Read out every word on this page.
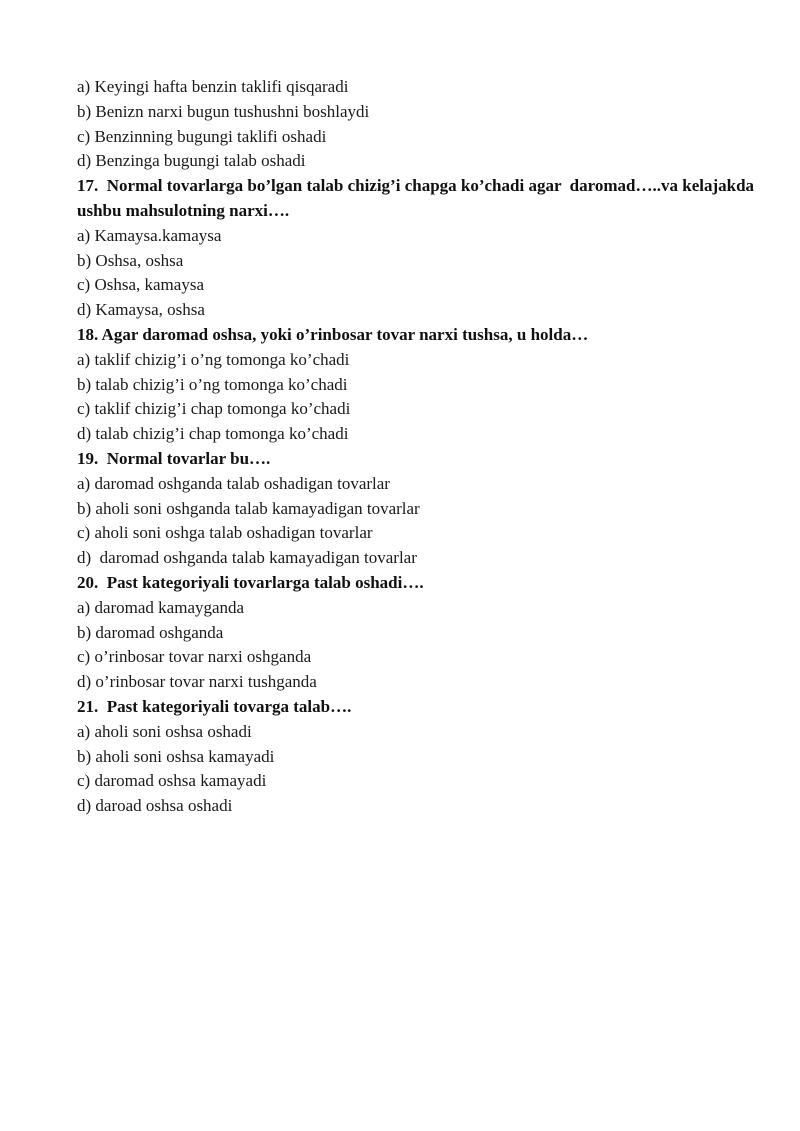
a) Keyingi hafta benzin taklifi qisqaradi

b) Benizn narxi bugun tushushni boshlaydi

c) Benzinning bugungi taklifi oshadi

d) Benzinga bugungi talab oshadi

17.  Normal tovarlarga bo’lgan talab chizig’i chapga ko’chadi agar  daromad…..va kelajakda ushbu mahsulotning narxi….

a) Kamaysa.kamaysa

b) Oshsa, oshsa

c) Oshsa, kamaysa

d) Kamaysa, oshsa

18. Agar daromad oshsa, yoki o’rinbosar tovar narxi tushsa, u holda…

a) taklif chizig’i o’ng tomonga ko’chadi

b) talab chizig’i o’ng tomonga ko’chadi

c) taklif chizig’i chap tomonga ko’chadi

d) talab chizig’i chap tomonga ko’chadi

19.  Normal tovarlar bu….

a) daromad oshganda talab oshadigan tovarlar

b) aholi soni oshganda talab kamayadigan tovarlar

c) aholi soni oshga talab oshadigan tovarlar

d)  daromad oshganda talab kamayadigan tovarlar

20.  Past kategoriyali tovarlarga talab oshadi….

a) daromad kamayganda

b) daromad oshganda

c) o’rinbosar tovar narxi oshganda

d) o’rinbosar tovar narxi tushganda

21.  Past kategoriyali tovarga talab….

a) aholi soni oshsa oshadi

b) aholi soni oshsa kamayadi

c) daromad oshsa kamayadi

d) daroad oshsa oshadi
